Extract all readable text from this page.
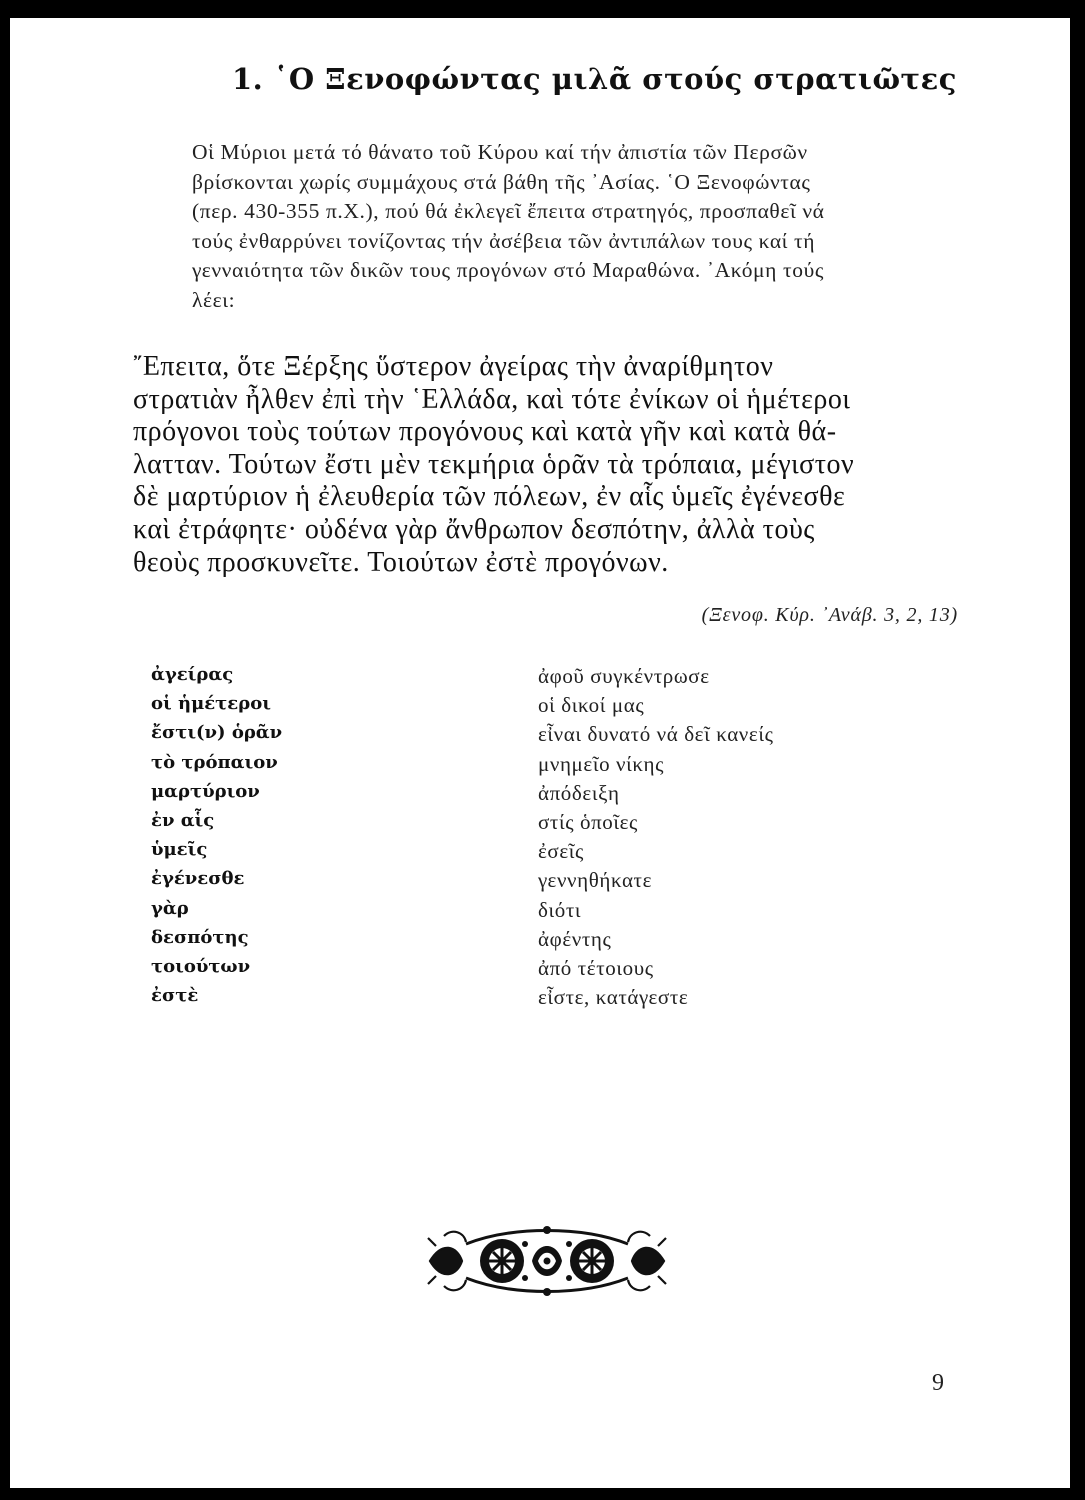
1. ῾Ο Ξενοφώντας μιλᾶ στούς στρατιῶτες
Οἱ Μύριοι μετά τό θάνατο τοῦ Κύρου καί τήν ἀπιστία τῶν Περσῶν
βρίσκονται χωρίς συμμάχους στά βάθη τῆς ᾿Ασίας. ῾Ο Ξενοφώντας
(περ. 430-355 π.Χ.), πού θά ἐκλεγεῖ ἔπειτα στρατηγός, προσπαθεῖ νά
τούς ἐνθαρρύνει τονίζοντας τήν ἀσέβεια τῶν ἀντιπάλων τους καί τή
γενναιότητα τῶν δικῶν τους προγόνων στό Μαραθώνα. ᾿Ακόμη τούς
λέει:
῎Επειτα, ὅτε Ξέρξης ὕστερον ἀγείρας τὴν ἀναρίθμητον
στρατιὰν ἦλθεν ἐπὶ τὴν ῾Ελλάδα, καὶ τότε ἐνίκων οἱ ἡμέτεροι
πρόγονοι τοὺς τούτων προγόνους καὶ κατὰ γῆν καὶ κατὰ θά-
λατταν. Τούτων ἔστι μὲν τεκμήρια ὁρᾶν τὰ τρόπαια, μέγιστον
δὲ μαρτύριον ἡ ἐλευθερία τῶν πόλεων, ἐν αἷς ὑμεῖς ἐγένεσθε
καὶ ἐτράφητε· οὐδένα γὰρ ἄνθρωπον δεσπότην, ἀλλὰ τοὺς
θεοὺς προσκυνεῖτε. Τοιούτων ἐστὲ προγόνων.
(Ξενοφ. Κύρ. ᾿Ανάβ. 3, 2, 13)
ἀγείρας	ἀφοῦ συγκέντρωσε
οἱ ἡμέτεροι	οἱ δικοί μας
ἔστι(ν) ὁρᾶν	εἶναι δυνατό νά δεῖ κανείς
τὸ τρόπαιον	μνημεῖο νίκης
μαρτύριον	ἀπόδειξη
ἐν αἷς	στίς ὁποῖες
ὑμεῖς	ἐσεῖς
ἐγένεσθε	γεννηθήκατε
γὰρ	διότι
δεσπότης	ἀφέντης
τοιούτων	ἀπό τέτοιους
ἐστὲ	εἶστε, κατάγεστε
9
